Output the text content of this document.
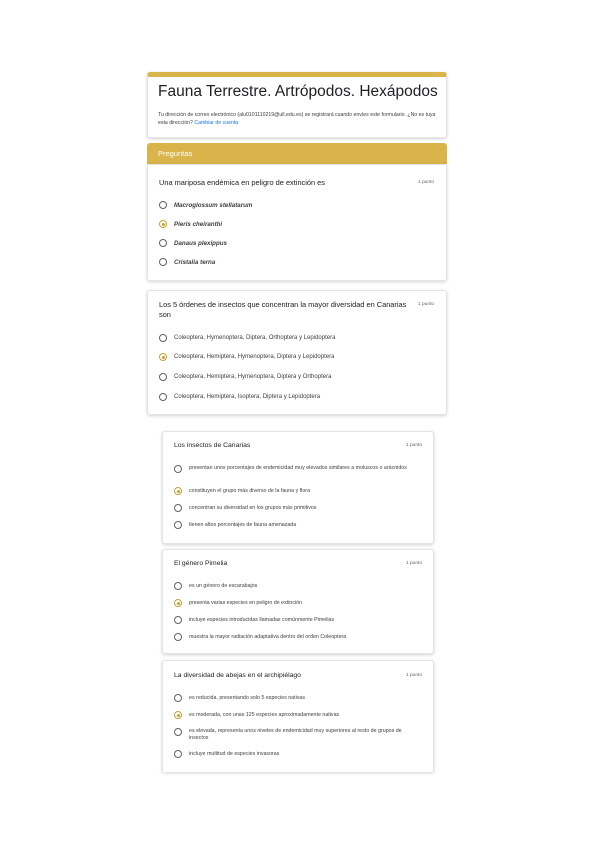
Fauna Terrestre. Artrópodos. Hexápodos
Tu dirección de correo electrónico (alu0101110219@ull.edu.es) se registrará cuando envíes este formulario. ¿No es tuya esta dirección? Cambiar de cuenta
Preguntas
Una mariposa endémica en peligro de extinción es	1 punto
Macroglossum stellatarum
Pieris cheiranthi
Danaus plexippus
Cristalia terna
Los 5 órdenes de insectos que concentran la mayor diversidad en Canarias son
1 punto
Coleoptera, Hymenoptera, Diptera, Orthoptera y Lepidoptera
Coleoptera, Hemiptera, Hymenoptera, Diptera y Lepidoptera
Coleoptera, Hemiptera, Hymenoptera, Diptera y Orthoptera
Coleoptera, Hemiptera, Isoptera, Diptera y Lepidoptera
Los insectos de Canarias	1 punto
presentan unos porcentajes de endemicidad muy elevados similares a moluscos o arácnidos
constituyen el grupo más diverso de la fauna y flora
concentran su diversidad en los grupos más primitivos
tienen altos porcentajes de fauna amenazada
El género Pimelia	1 punto
es un género de escarabajos
presenta varias especies en peligro de extinción
incluye especies introducidas llamadas comúnmente Pimelias
muestra la mayor radiación adaptativa dentro del orden Coleoptera
La diversidad de abejas en el archipiélago	1 punto
es reducida, presentando solo 5 especies nativas
es moderada, con unas 125 especies aproximadamente nativas
es elevada, representa unos niveles de endemicidad muy superiores al resto de grupos de insectos
incluye multitud de especies invasoras
